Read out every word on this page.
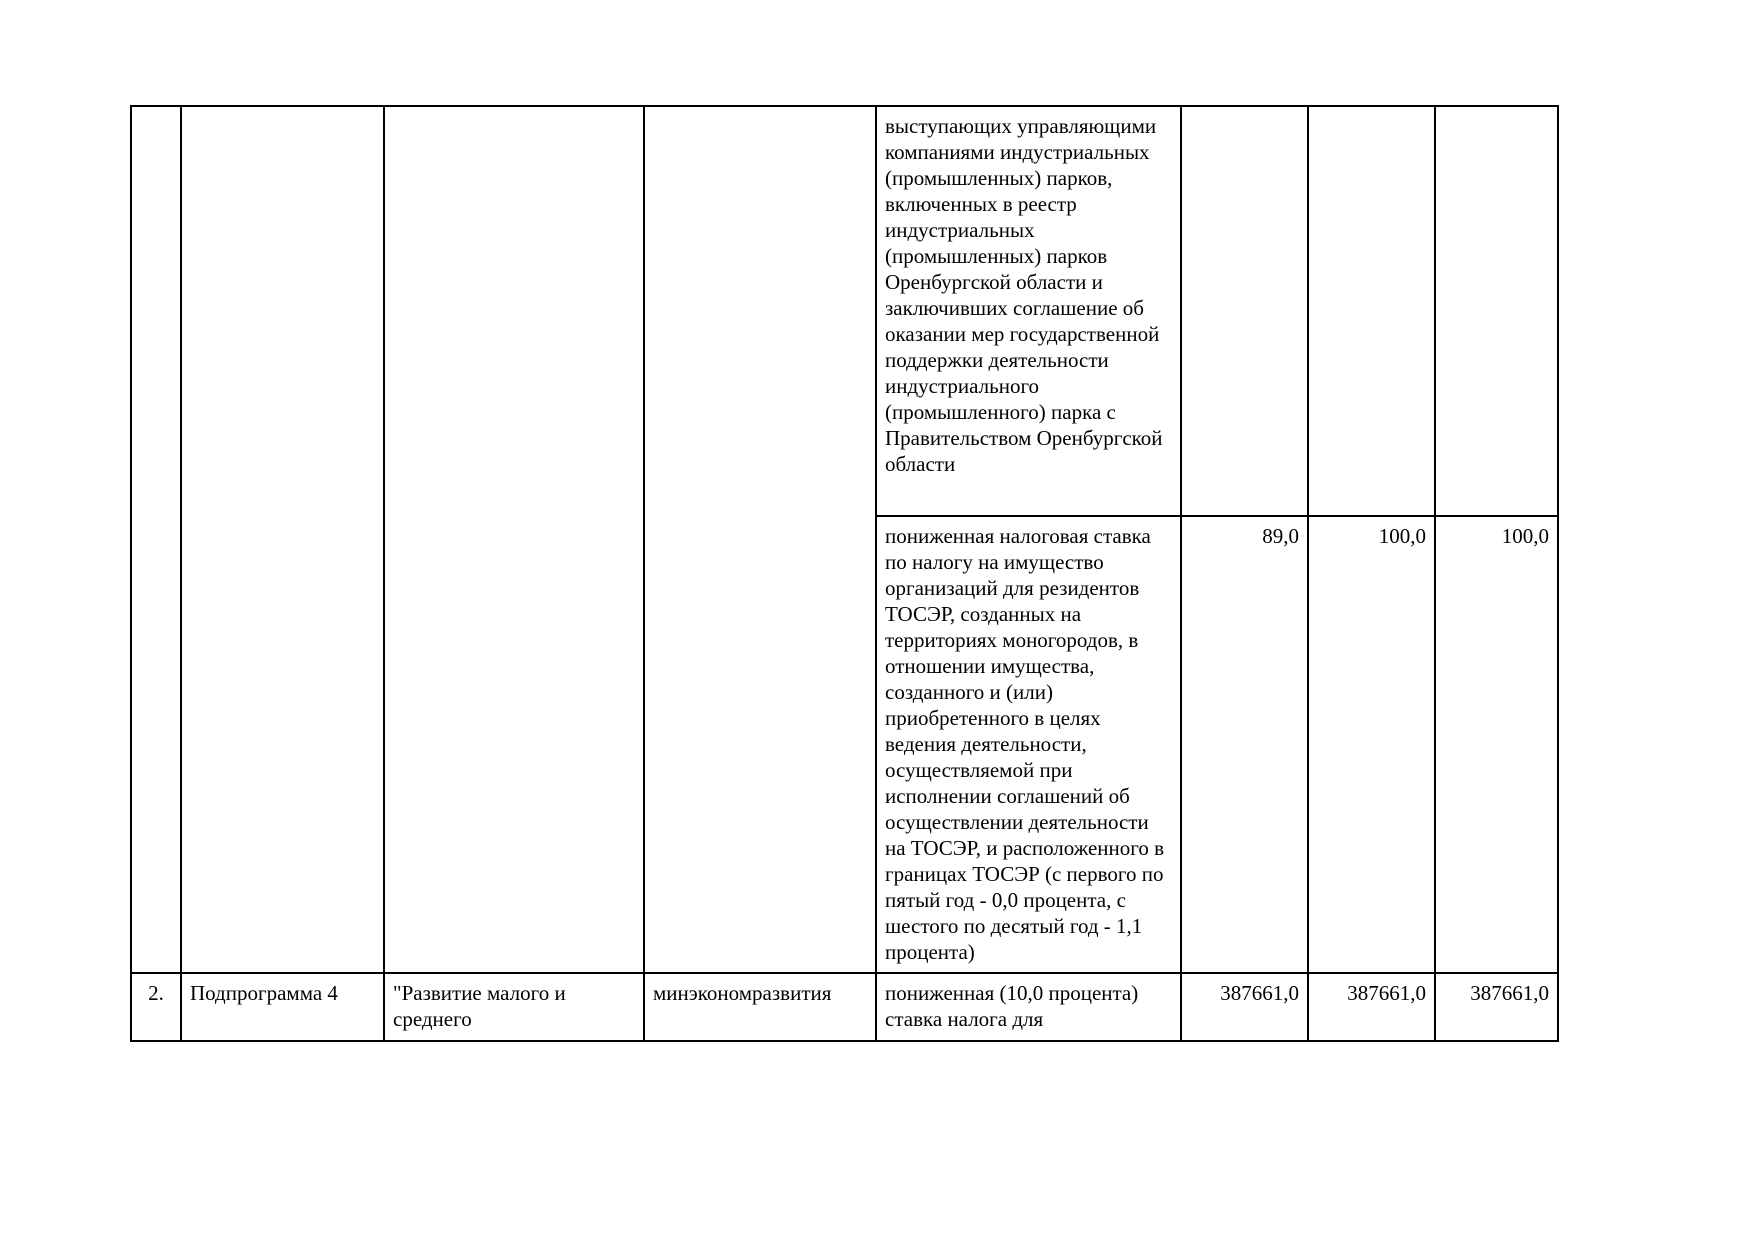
				выступающих управляющими компаниями индустриальных (промышленных) парков, включенных в реестр индустриальных (промышленных) парков Оренбургской области и заключивших соглашение об оказании мер государственной поддержки деятельности индустриального (промышленного) парка с Правительством Оренбургской области			
				пониженная налоговая ставка по налогу на имущество организаций для резидентов ТОСЭР, созданных на территориях моногородов, в отношении имущества, созданного и (или) приобретенного в целях ведения деятельности, осуществляемой при исполнении соглашений об осуществлении деятельности на ТОСЭР, и расположенного в границах ТОСЭР (с первого по пятый год - 0,0 процента, с шестого по десятый год - 1,1 процента)	89,0	100,0	100,0
2.	Подпрограмма 4	"Развитие малого и среднего	минэкономразвития	пониженная (10,0 процента) ставка налога для	387661,0	387661,0	387661,0
